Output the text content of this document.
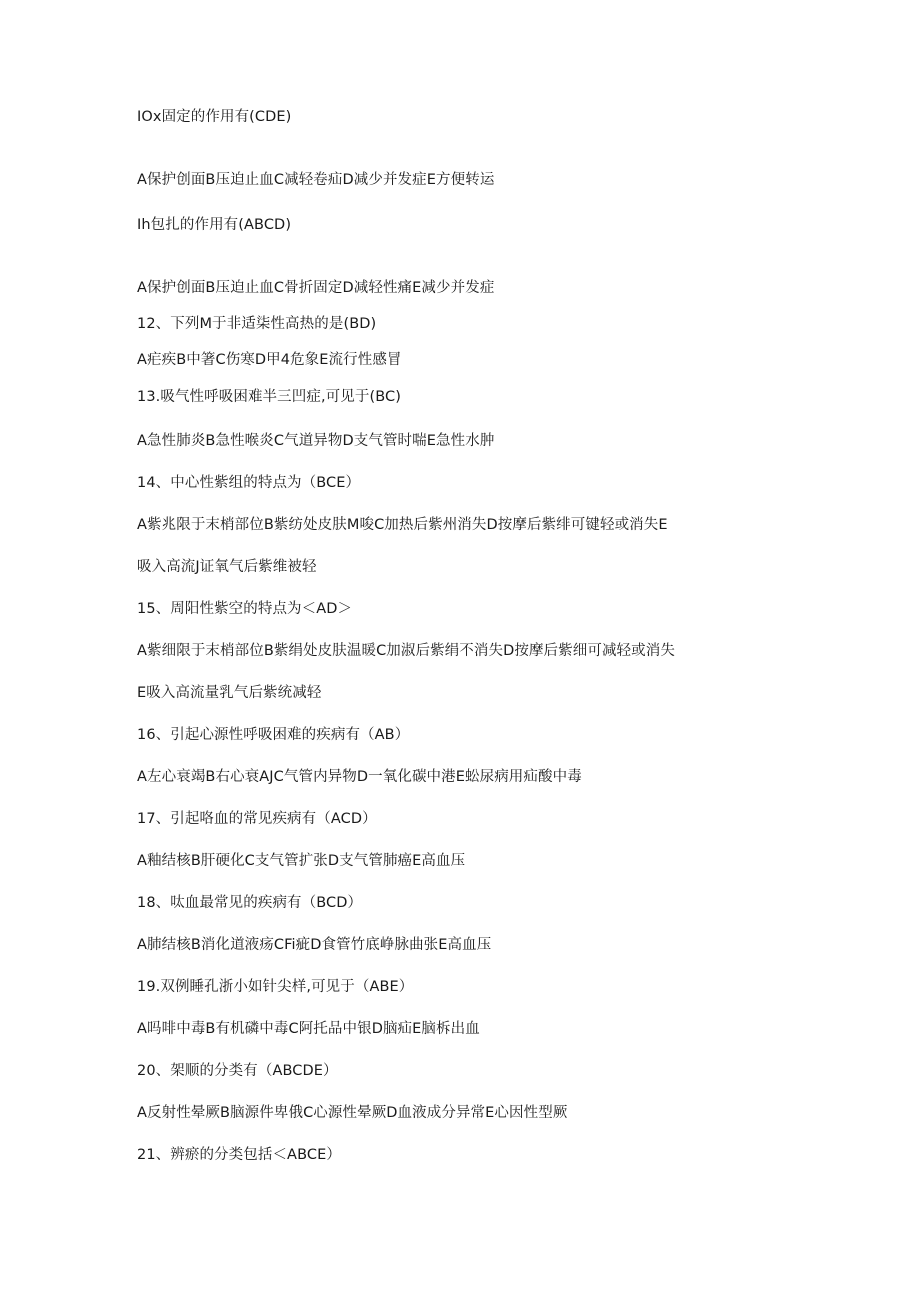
IOx固定的作用有(CDE)
A保护创面B压迫止血C减轻卷疝D减少并发症E方便转运
Ih包扎的作用有(ABCD)
A保护创面B压迫止血C骨折固定D减轻性痛E减少并发症
12、下列M于非适柒性高热的是(BD)
A疟疾B中箸C伤寒D甲4危象E流行性感冒
13.吸气性呼吸困难半三凹症,可见于(BC)
A急性肺炎B急性喉炎C气道异物D支气管时喘E急性水肿
14、中心性紫组的特点为（BCE）
A紫兆限于末梢部位B紫纺处皮肤M唆C加热后紫州消失D按摩后紫绯可键轻或消失E
吸入高流J证氧气后紫维被轻
15、周阳性紫空的特点为＜AD＞
A紫细限于末梢部位B紫绢处皮肤温暖C加淑后紫绢不消失D按摩后紫细可减轻或消失
E吸入高流量乳气后紫统减轻
16、引起心源性呼吸困难的疾病有（AB）
A左心衰竭B右心衰AJC气管内异物D一氧化碳中港E蚣尿病用疝酸中毒
17、引起咯血的常见疾病有（ACD）
A釉结核B肝硬化C支气管扩张D支气管肺癌E高血压
18、呔血最常见的疾病有（BCD）
A肺结核B消化道液疡CFi疵D食管竹底峥脉曲张E高血压
19.双例睡孔浙小如针尖样,可见于（ABE）
A吗啡中毒B有机磷中毒C阿托品中银D脑疝E脑柝出血
20、架顺的分类有（ABCDE）
A反射性晕厥B脑源件卑俄C心源性晕厥D血液成分异常E心因性型厥
21、辨瘀的分类包括＜ABCE）
